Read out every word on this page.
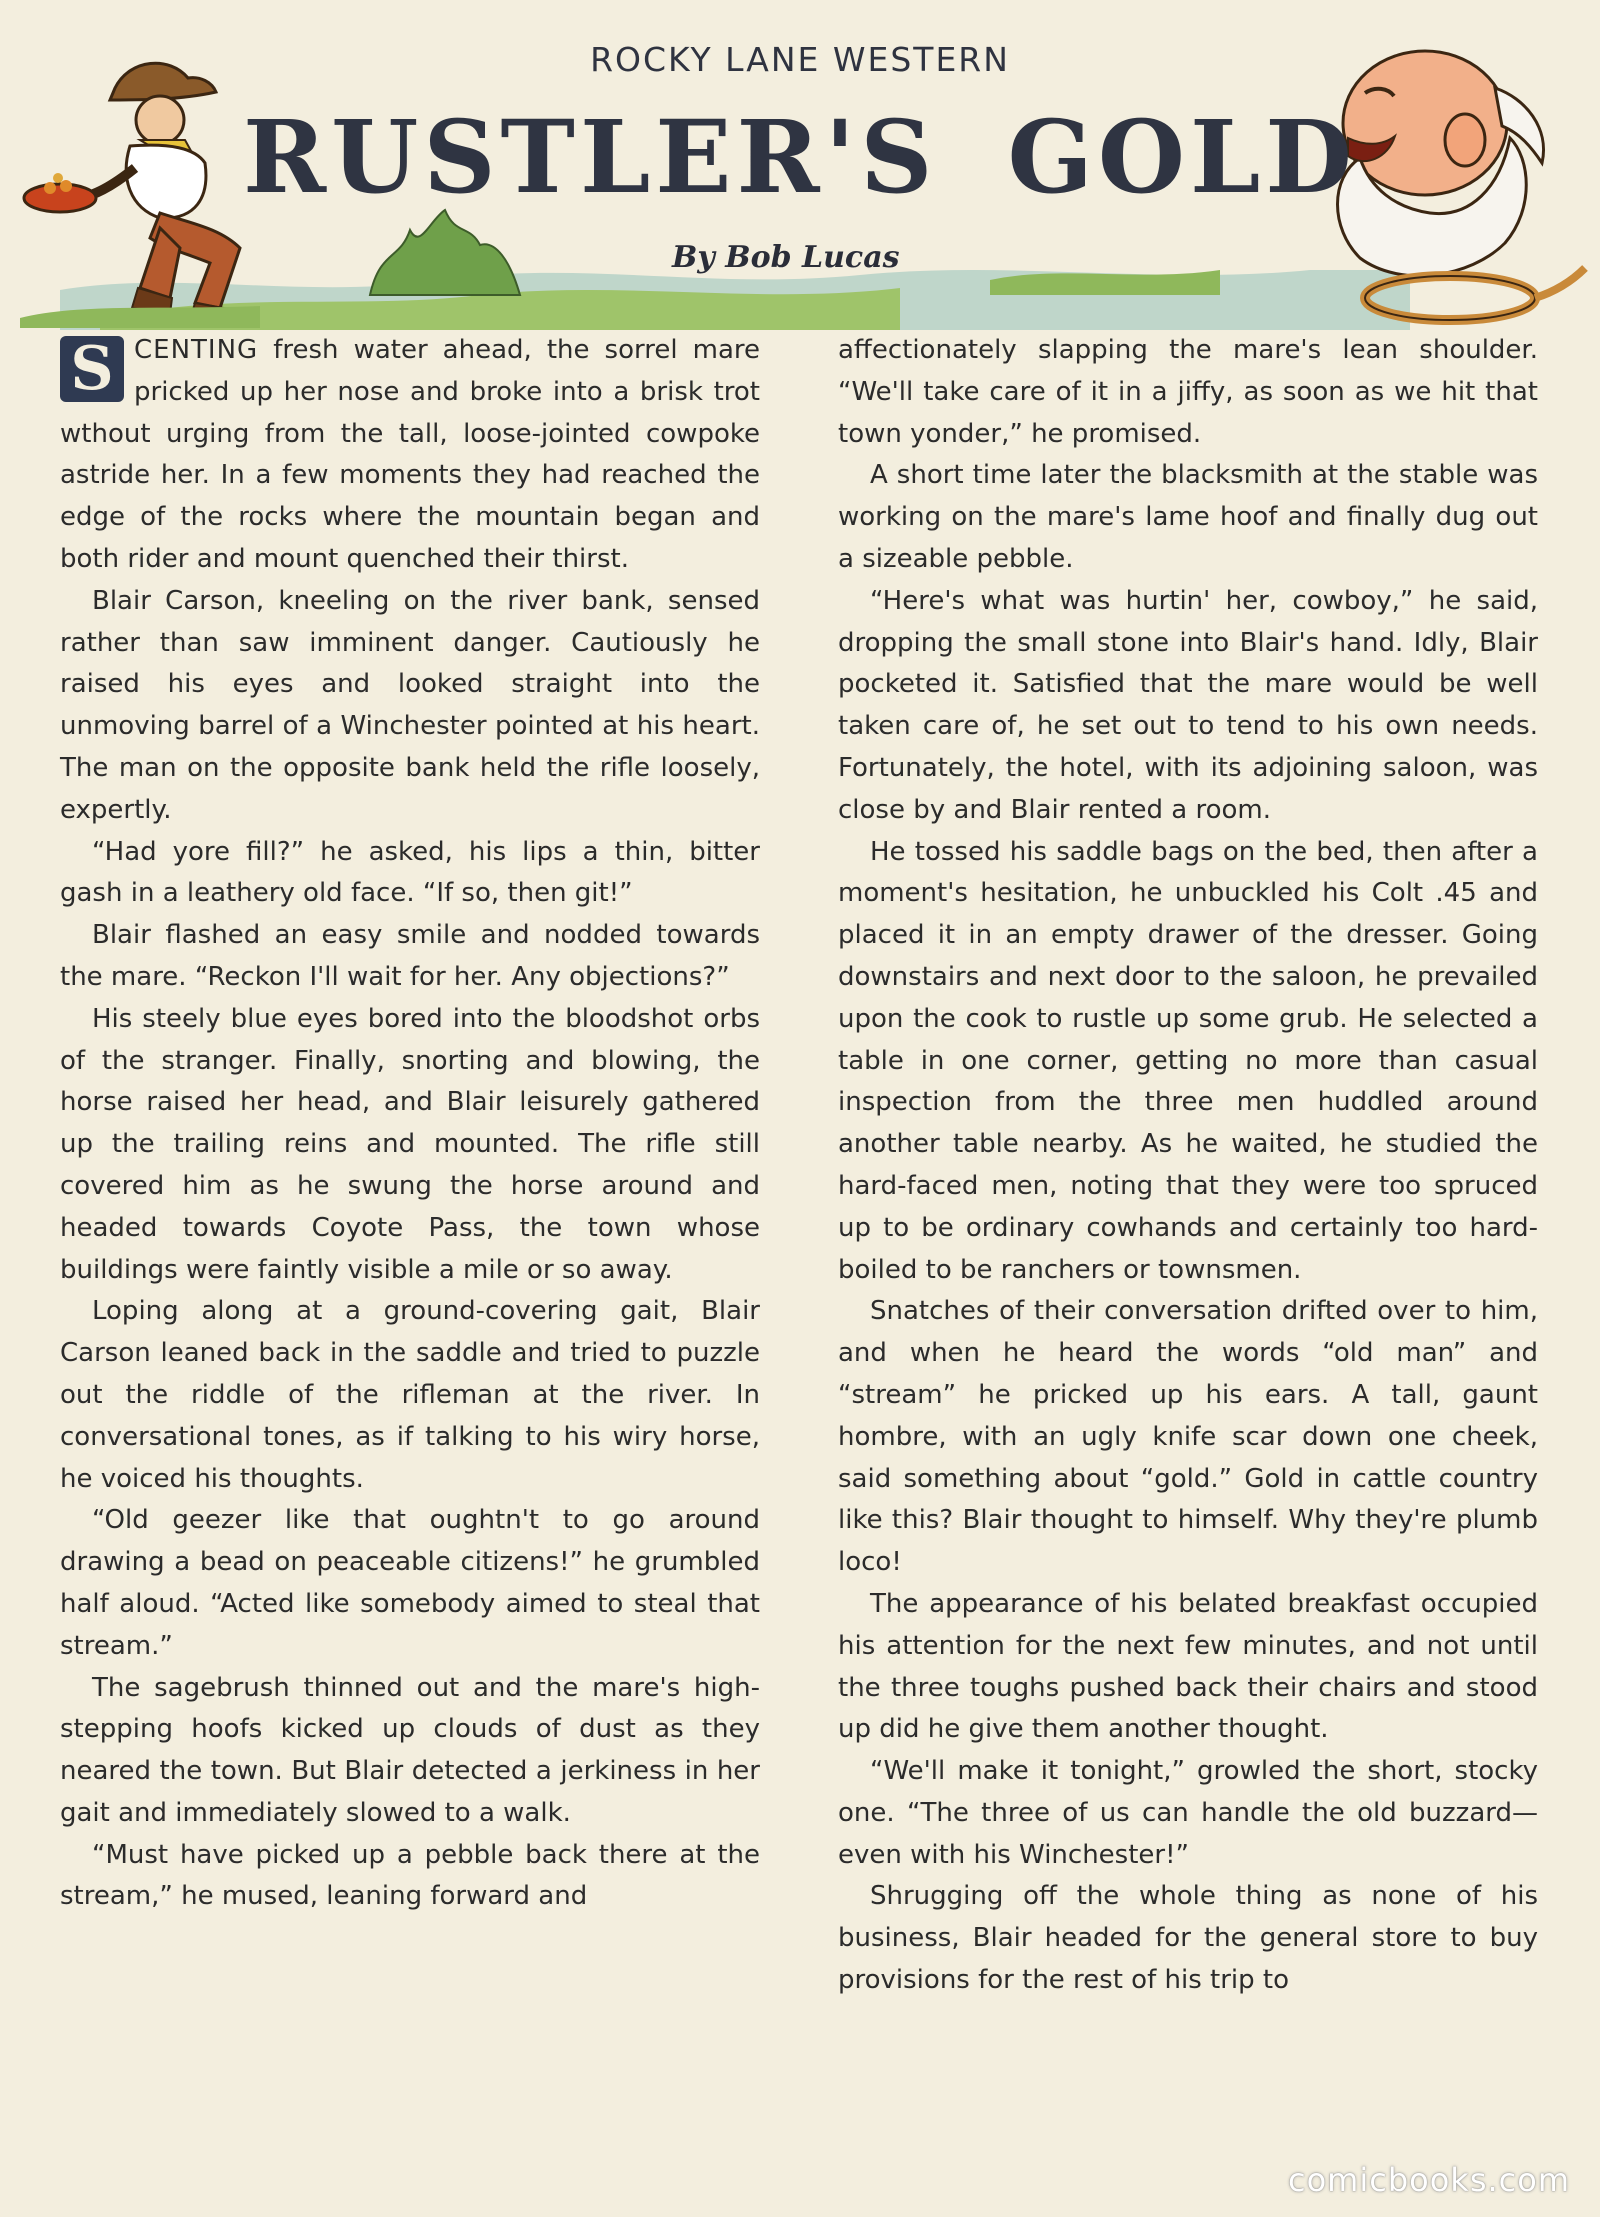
ROCKY LANE WESTERN
RUSTLER'S GOLD
By Bob Lucas

S CENTING fresh water ahead, the sorrel mare pricked up her nose and broke into a brisk trot wthout urging from the tall, loose-jointed cowpoke astride her. In a few moments they had reached the edge of the rocks where the mountain began and both rider and mount quenched their thirst.

Blair Carson, kneeling on the river bank, sensed rather than saw imminent danger. Cautiously he raised his eyes and looked straight into the unmoving barrel of a Winchester pointed at his heart. The man on the opposite bank held the rifle loosely, expertly.

“Had yore fill?” he asked, his lips a thin, bitter gash in a leathery old face. “If so, then git!”

Blair flashed an easy smile and nodded towards the mare. “Reckon I'll wait for her. Any objections?”

His steely blue eyes bored into the bloodshot orbs of the stranger. Finally, snorting and blowing, the horse raised her head, and Blair leisurely gathered up the trailing reins and mounted. The rifle still covered him as he swung the horse around and headed towards Coyote Pass, the town whose buildings were faintly visible a mile or so away.

Loping along at a ground-covering gait, Blair Carson leaned back in the saddle and tried to puzzle out the riddle of the rifleman at the river. In conversational tones, as if talking to his wiry horse, he voiced his thoughts.

“Old geezer like that oughtn't to go around drawing a bead on peaceable citizens!” he grumbled half aloud. “Acted like somebody aimed to steal that stream.”

The sagebrush thinned out and the mare's high-stepping hoofs kicked up clouds of dust as they neared the town. But Blair detected a jerkiness in her gait and immediately slowed to a walk.

“Must have picked up a pebble back there at the stream,” he mused, leaning forward and

affectionately slapping the mare's lean shoulder. “We'll take care of it in a jiffy, as soon as we hit that town yonder,” he promised.

A short time later the blacksmith at the stable was working on the mare's lame hoof and finally dug out a sizeable pebble.

“Here's what was hurtin' her, cowboy,” he said, dropping the small stone into Blair's hand. Idly, Blair pocketed it. Satisfied that the mare would be well taken care of, he set out to tend to his own needs. Fortunately, the hotel, with its adjoining saloon, was close by and Blair rented a room.

He tossed his saddle bags on the bed, then after a moment's hesitation, he unbuckled his Colt .45 and placed it in an empty drawer of the dresser. Going downstairs and next door to the saloon, he prevailed upon the cook to rustle up some grub. He selected a table in one corner, getting no more than casual inspection from the three men huddled around another table nearby. As he waited, he studied the hard-faced men, noting that they were too spruced up to be ordinary cowhands and certainly too hard-boiled to be ranchers or townsmen.

Snatches of their conversation drifted over to him, and when he heard the words “old man” and “stream” he pricked up his ears. A tall, gaunt hombre, with an ugly knife scar down one cheek, said something about “gold.” Gold in cattle country like this? Blair thought to himself. Why they're plumb loco!

The appearance of his belated breakfast occupied his attention for the next few minutes, and not until the three toughs pushed back their chairs and stood up did he give them another thought.

“We'll make it tonight,” growled the short, stocky one. “The three of us can handle the old buzzard—even with his Winchester!”

Shrugging off the whole thing as none of his business, Blair headed for the general store to buy provisions for the rest of his trip to

comicbooks.com
